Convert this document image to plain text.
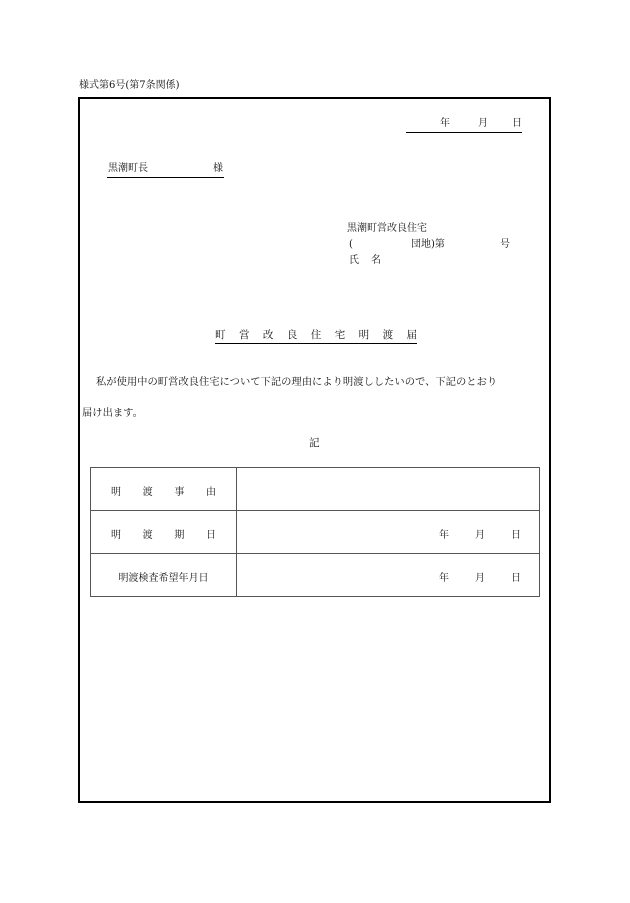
様式第6号(第7条関係)
年	月 日
黒潮町長	様
黒潮町営改良住宅
(	団地)第	号
氏 名
町 営 改 良 住 宅 明 渡 届
私が使用中の町営改良住宅について下記の理由により明渡ししたいので、下記のとおり
届け出ます。
記
明 渡 事 由	

明 渡 期 日	年 月 日

明渡検査希望年月日	年 月 日
